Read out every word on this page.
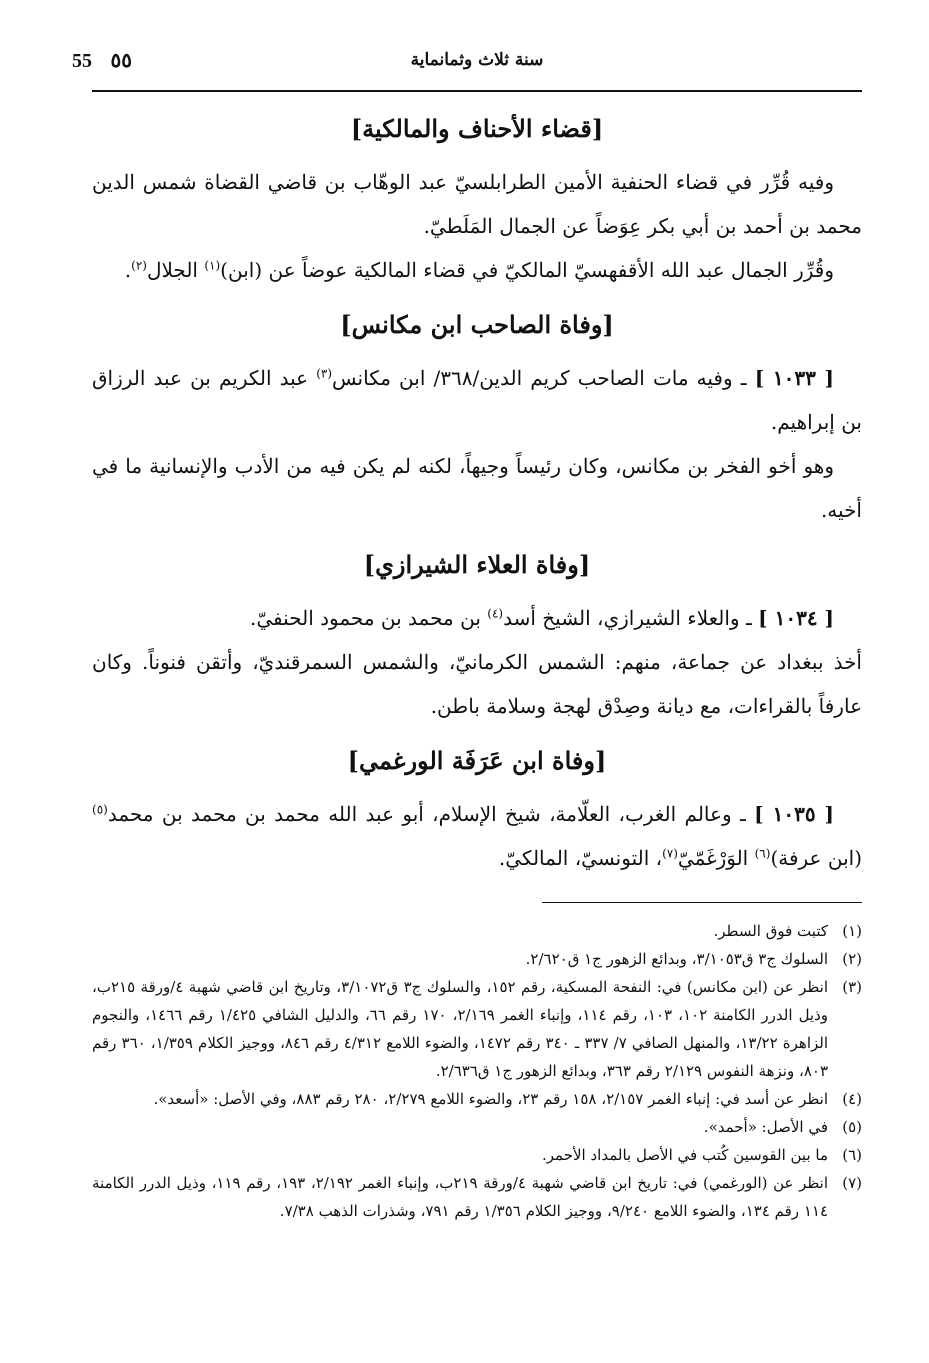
٥٥	سنة ثلاث وثمانماية
55
[قضاء الأحناف والمالكية]

وفيه قُرِّر في قضاء الحنفية الأمين الطرابلسيّ عبد الوهّاب بن قاضي القضاة شمس الدين محمد بن أحمد بن أبي بكر عِوَضاً عن الجمال المَلَطيّ.

وقُرِّر الجمال عبد الله الأقفهسيّ المالكيّ في قضاء المالكية عوضاً عن (ابن)$^{(١)}$ الجلال$^{(٢)}$.

[وفاة الصاحب ابن مكانس]

[ ١٠٣٣ ] ـ وفيه مات الصاحب كريم الدين/٣٦٨/ ابن مكانس$^{(٣)}$ عبد الكريم بن عبد الرزاق بن إبراهيم.

وهو أخو الفخر بن مكانس، وكان رئيساً وجيهاً، لكنه لم يكن فيه من الأدب والإنسانية ما في أخيه.

[وفاة العلاء الشيرازي]

[ ١٠٣٤ ] ـ والعلاء الشيرازي، الشيخ أسد$^{(٤)}$ بن محمد بن محمود الحنفيّ.

أخذ ببغداد عن جماعة، منهم: الشمس الكرمانيّ، والشمس السمرقنديّ، وأتقن فنوناً. وكان عارفاً بالقراءات، مع ديانة وصِدْق لهجة وسلامة باطن.

[وفاة ابن عَرَفَة الورغمي]

[ ١٠٣٥ ] ـ وعالم الغرب، العلّامة، شيخ الإسلام، أبو عبد الله محمد بن محمد بن محمد$^{(٥)}$ (ابن عرفة)$^{(٦)}$ الوَرْغَمّيّ$^{(٧)}$، التونسيّ، المالكيّ.

(١)
كتبت فوق السطر.
(٢)
السلوك ج٣ ق٣/١٠٥٣، وبدائع الزهور ج١ ق٢/٦٢٠.
(٣)
انظر عن (ابن مكانس) في: النفحة المسكية، رقم ١٥٢، والسلوك ج٣ ق٣/١٠٧٢، وتاريخ ابن قاضي شهبة ٤/ورقة ٢١٥ب، وذيل الدرر الكامنة ١٠٢، ١٠٣، رقم ١١٤، وإنباء الغمر ٢/١٦٩، ١٧٠ رقم ٦٦، والدليل الشافي ١/٤٢٥ رقم ١٤٦٦، والنجوم الزاهرة ١٣/٢٢، والمنهل الصافي ٧/ ٣٣٧ ـ ٣٤٠ رقم ١٤٧٢، والضوء اللامع ٤/٣١٢ رقم ٨٤٦، ووجيز الكلام ١/٣٥٩، ٣٦٠ رقم ٨٠٣، ونزهة النفوس ٢/١٢٩ رقم ٣٦٣، وبدائع الزهور ج١ ق٢/٦٣٦.
(٤)
انظر عن أسد في: إنباء الغمر ٢/١٥٧، ١٥٨ رقم ٢٣، والضوء اللامع ٢/٢٧٩، ٢٨٠ رقم ٨٨٣، وفي الأصل: «أسعد».
(٥)
في الأصل: «أحمد».
(٦)
ما بين القوسين كُتب في الأصل بالمداد الأحمر.
(٧)
انظر عن (الورغمي) في: تاريخ ابن قاضي شهبة ٤/ورقة ٢١٩ب، وإنباء الغمر ٢/١٩٢، ١٩٣، رقم ١١٩، وذيل الدرر الكامنة ١١٤ رقم ١٣٤، والضوء اللامع ٩/٢٤٠، ووجيز الكلام ١/٣٥٦ رقم ٧٩١، وشذرات الذهب ٧/٣٨.
